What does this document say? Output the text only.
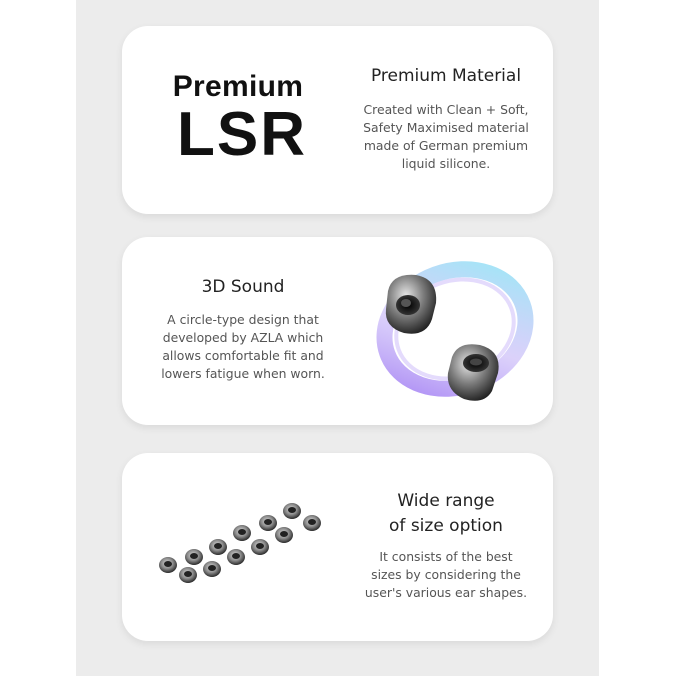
Premium
LSR
Premium Material
Created with Clean + Soft,
Safety Maximised material
made of German premium
liquid silicone.
3D Sound
A circle-type design that
developed by AZLA which
allows comfortable fit and
lowers fatigue when worn.
Wide range
of size option
It consists of the best
sizes by considering the
user's various ear shapes.
